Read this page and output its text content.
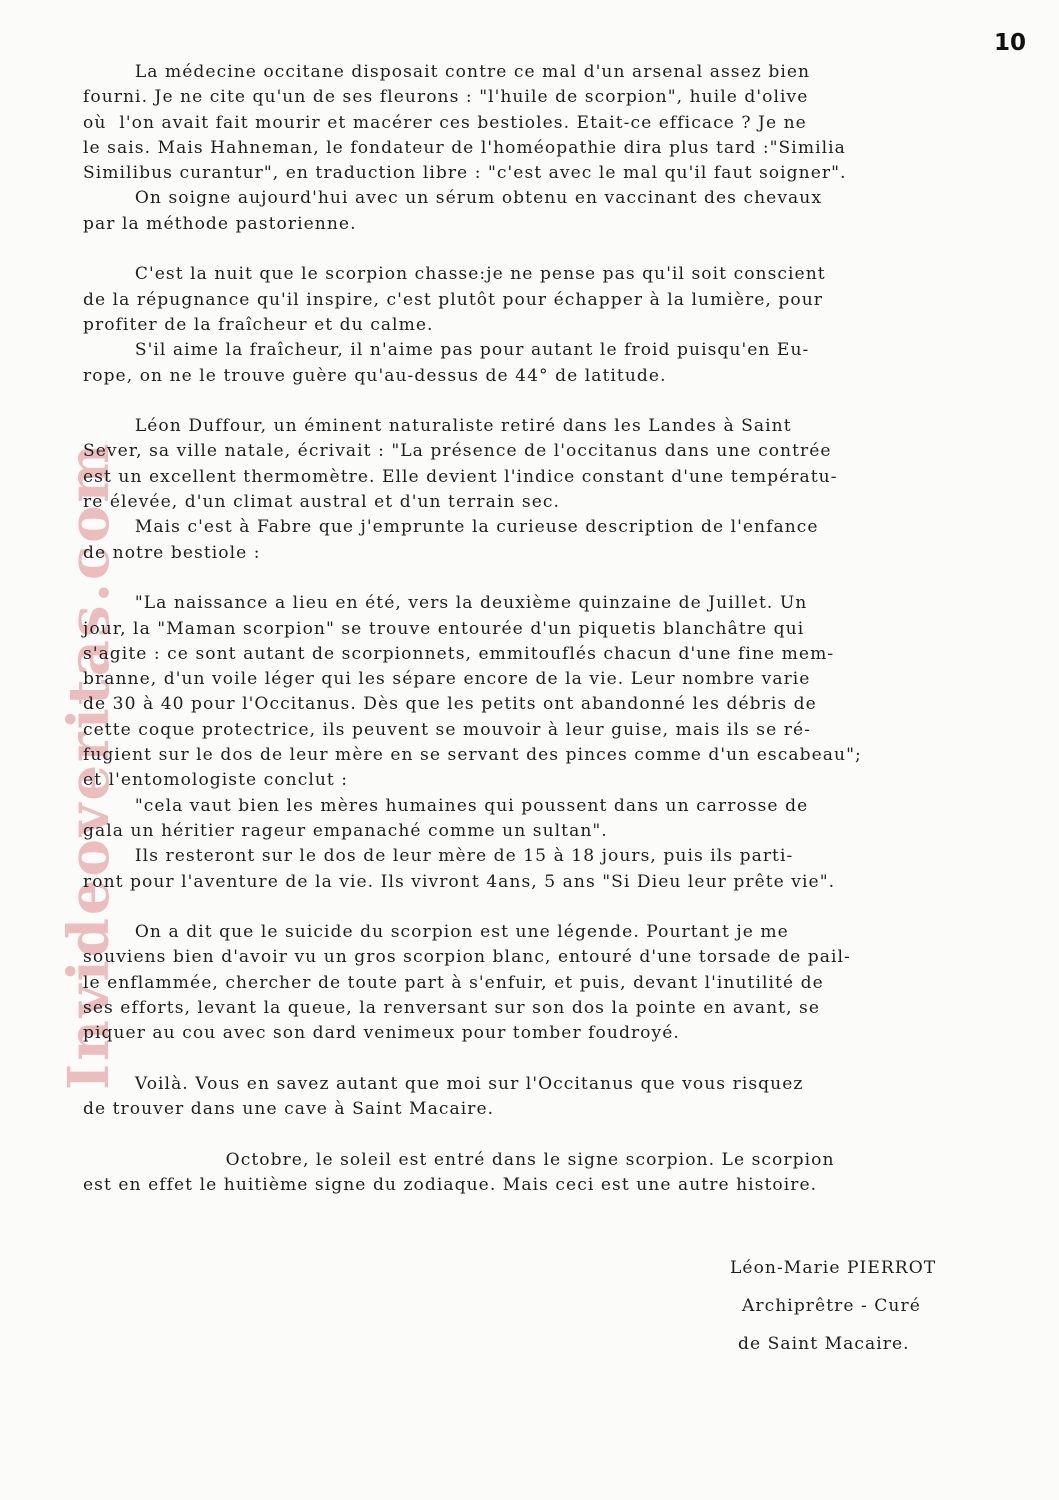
10
Invideoveritas.com
La médecine occitane disposait contre ce mal d'un arsenal assez bien
fourni. Je ne cite qu'un de ses fleurons : "l'huile de scorpion", huile d'olive
où  l'on avait fait mourir et macérer ces bestioles. Etait-ce efficace ? Je ne
le sais. Mais Hahneman, le fondateur de l'homéopathie dira plus tard :"Similia
Similibus curantur", en traduction libre : "c'est avec le mal qu'il faut soigner".
On soigne aujourd'hui avec un sérum obtenu en vaccinant des chevaux
par la méthode pastorienne.
C'est la nuit que le scorpion chasse:je ne pense pas qu'il soit conscient
de la répugnance qu'il inspire, c'est plutôt pour échapper à la lumière, pour
profiter de la fraîcheur et du calme.
S'il aime la fraîcheur, il n'aime pas pour autant le froid puisqu'en Eu-
rope, on ne le trouve guère qu'au-dessus de 44° de latitude.
Léon Duffour, un éminent naturaliste retiré dans les Landes à Saint
Sever, sa ville natale, écrivait : "La présence de l'occitanus dans une contrée
est un excellent thermomètre. Elle devient l'indice constant d'une températu-
re élevée, d'un climat austral et d'un terrain sec.
Mais c'est à Fabre que j'emprunte la curieuse description de l'enfance
de notre bestiole :
"La naissance a lieu en été, vers la deuxième quinzaine de Juillet. Un
jour, la "Maman scorpion" se trouve entourée d'un piquetis blanchâtre qui
s'agite : ce sont autant de scorpionnets, emmitouflés chacun d'une fine mem-
branne, d'un voile léger qui les sépare encore de la vie. Leur nombre varie
de 30 à 40 pour l'Occitanus. Dès que les petits ont abandonné les débris de
cette coque protectrice, ils peuvent se mouvoir à leur guise, mais ils se ré-
fugient sur le dos de leur mère en se servant des pinces comme d'un escabeau";
et l'entomologiste conclut :
"cela vaut bien les mères humaines qui poussent dans un carrosse de
gala un héritier rageur empanaché comme un sultan".
Ils resteront sur le dos de leur mère de 15 à 18 jours, puis ils parti-
ront pour l'aventure de la vie. Ils vivront 4ans, 5 ans "Si Dieu leur prête vie".
On a dit que le suicide du scorpion est une légende. Pourtant je me
souviens bien d'avoir vu un gros scorpion blanc, entouré d'une torsade de pail-
le enflammée, chercher de toute part à s'enfuir, et puis, devant l'inutilité de
ses efforts, levant la queue, la renversant sur son dos la pointe en avant, se
piquer au cou avec son dard venimeux pour tomber foudroyé.
Voilà. Vous en savez autant que moi sur l'Occitanus que vous risquez
de trouver dans une cave à Saint Macaire.
Octobre, le soleil est entré dans le signe scorpion. Le scorpion
est en effet le huitième signe du zodiaque. Mais ceci est une autre histoire.
Léon-Marie PIERROT
Archiprêtre - Curé
de Saint Macaire.
